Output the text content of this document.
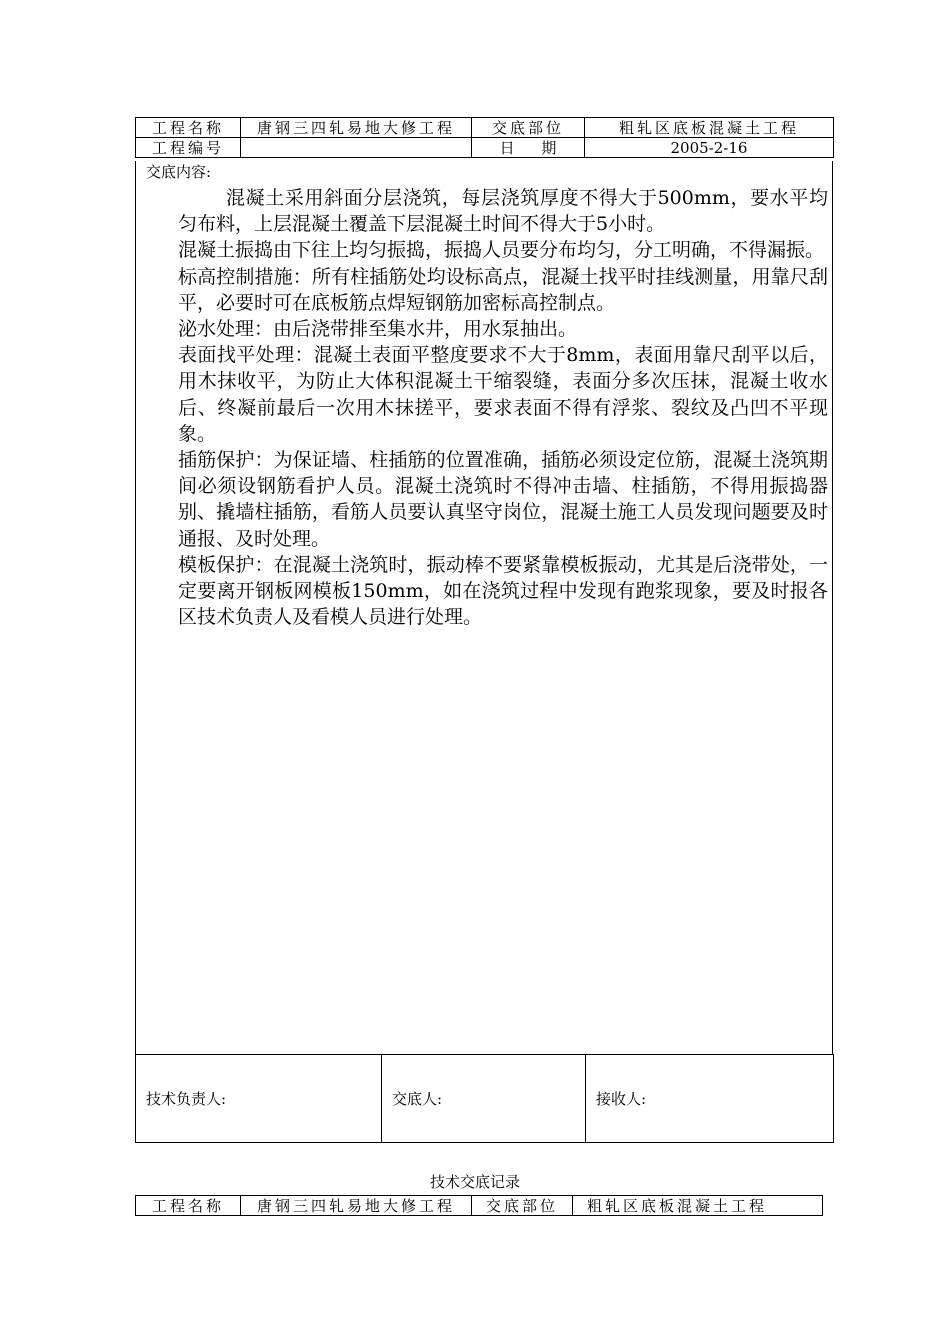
工程名称	唐钢三四轧易地大修工程	交底部位	粗轧区底板混凝土工程
工程编号		日 期	2005-2-16
交底内容:

混凝土采用斜面分层浇筑，每层浇筑厚度不得大于500mm，要水平均匀布料，上层混凝土覆盖下层混凝土时间不得大于5小时。

混凝土振捣由下往上均匀振捣，振捣人员要分布均匀，分工明确，不得漏振。

标高控制措施：所有柱插筋处均设标高点，混凝土找平时挂线测量，用靠尺刮平，必要时可在底板筋点焊短钢筋加密标高控制点。

泌水处理：由后浇带排至集水井，用水泵抽出。

表面找平处理：混凝土表面平整度要求不大于8mm，表面用靠尺刮平以后，用木抹收平，为防止大体积混凝土干缩裂缝，表面分多次压抹，混凝土收水后、终凝前最后一次用木抹搓平，要求表面不得有浮浆、裂纹及凸凹不平现象。

插筋保护：为保证墙、柱插筋的位置准确，插筋必须设定位筋，混凝土浇筑期间必须设钢筋看护人员。混凝土浇筑时不得冲击墙、柱插筋，不得用振捣器别、撬墙柱插筋，看筋人员要认真坚守岗位，混凝土施工人员发现问题要及时通报、及时处理。

模板保护：在混凝土浇筑时，振动棒不要紧靠模板振动，尤其是后浇带处，一定要离开钢板网模板150mm，如在浇筑过程中发现有跑浆现象，要及时报各区技术负责人及看模人员进行处理。

技术负责人:	交底人:	接收人:
技术交底记录
工程名称	唐钢三四轧易地大修工程	交底部位	粗轧区底板混凝土工程
